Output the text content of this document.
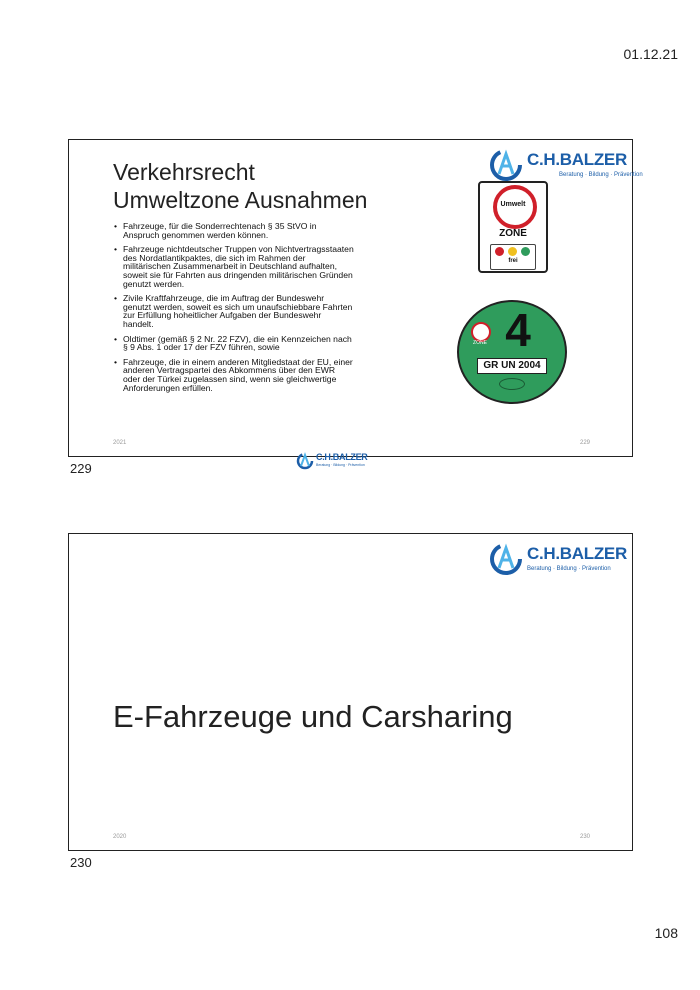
01.12.21
Verkehrsrecht
Umweltzone Ausnahmen
C.H.BALZER
Beratung · Bildung · Prävention
• Fahrzeuge, für die Sonderrechtenach § 35 StVO in Anspruch genommen werden können.
• Fahrzeuge nichtdeutscher Truppen von Nichtvertragsstaaten des Nordatlantikpaktes, die sich im Rahmen der militärischen Zusammenarbeit in Deutschland aufhalten, soweit sie für Fahrten aus dringenden militärischen Gründen genutzt werden.
• Zivile Kraftfahrzeuge, die im Auftrag der Bundeswehr genutzt werden, soweit es sich um unaufschiebbare Fahrten zur Erfüllung hoheitlicher Aufgaben der Bundeswehr handelt.
• Oldtimer (gemäß § 2 Nr. 22 FZV), die ein Kennzeichen nach § 9 Abs. 1 oder 17 der FZV führen, sowie
• Fahrzeuge, die in einem anderen Mitgliedstaat der EU, einer anderen Vertragspartei des Abkommens über den EWR oder der Türkei zugelassen sind, wenn sie gleichwertige Anforderungen erfüllen.
Umwelt
ZONE
frei
ZONE 4
GR UN 2004
2021
C.H.BALZER
Beratung · Bildung · Prävention
229
229
C.H.BALZER
Beratung · Bildung · Prävention
E-Fahrzeuge und Carsharing
2020	230
230
108
